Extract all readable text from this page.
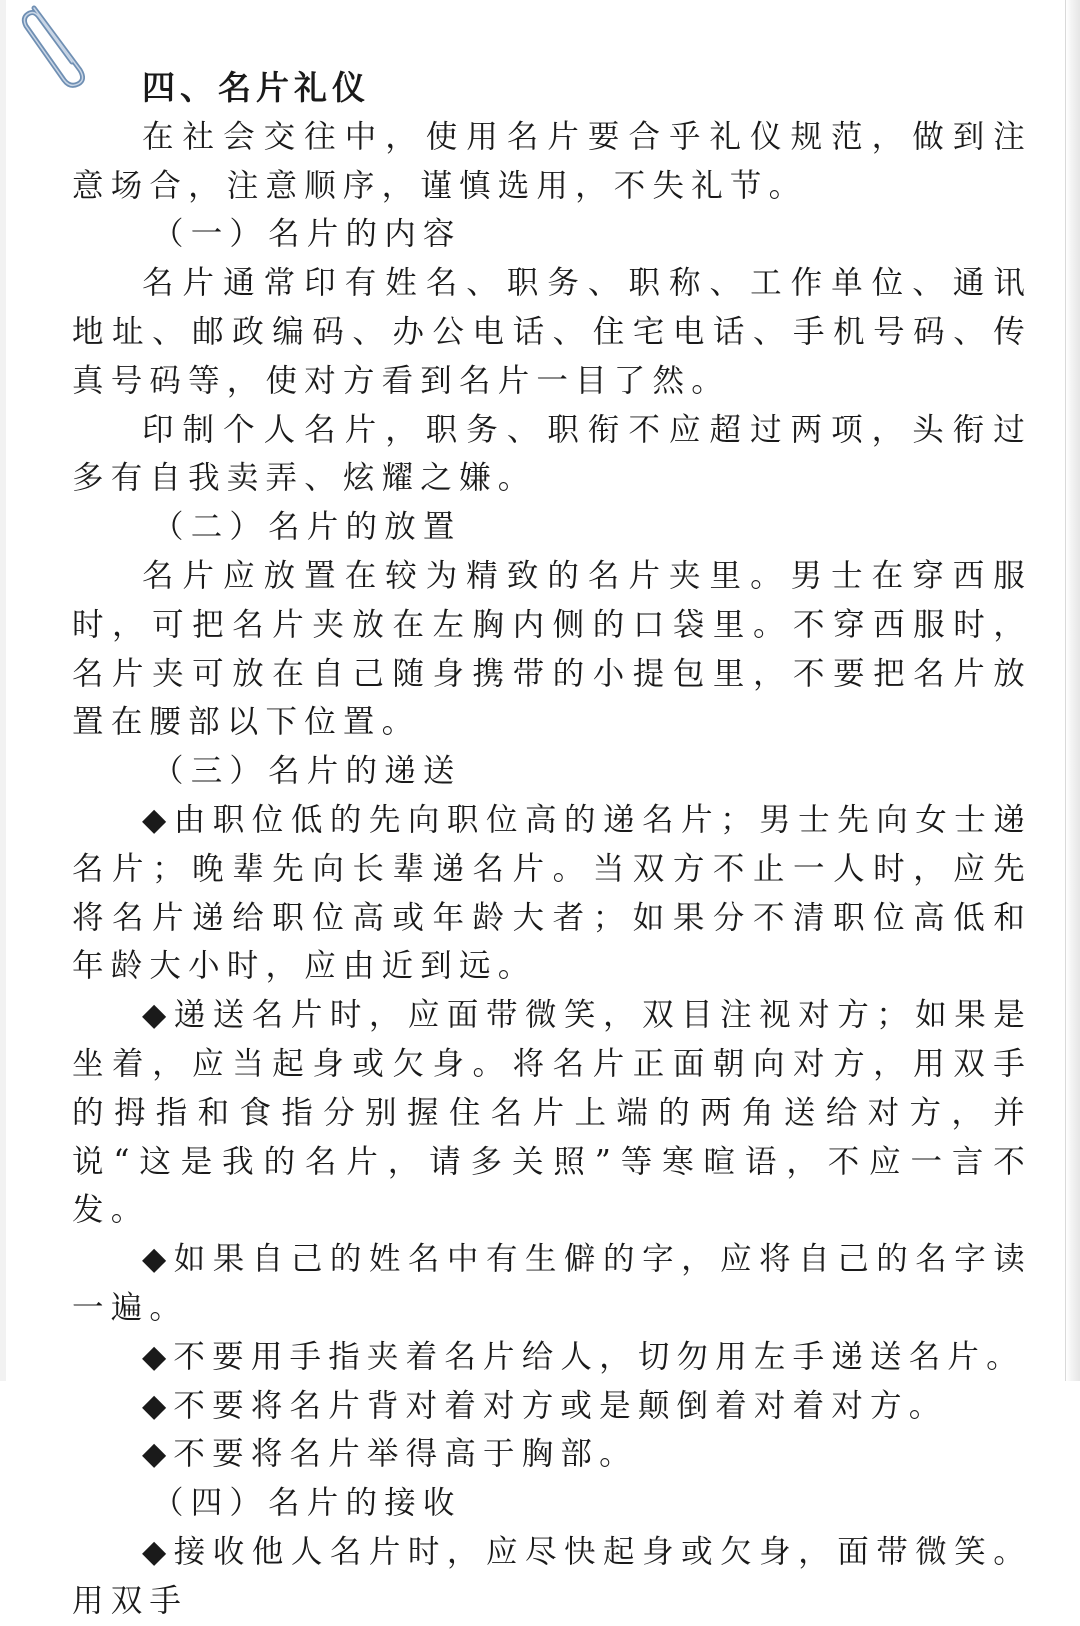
四、名片礼仪

在社会交往中，使用名片要合乎礼仪规范，做到注意场合，注意顺序，谨慎选用，不失礼节。

（一）名片的内容

名片通常印有姓名、职务、职称、工作单位、通讯地址、邮政编码、办公电话、住宅电话、手机号码、传真号码等，使对方看到名片一目了然。

印制个人名片，职务、职衔不应超过两项，头衔过多有自我卖弄、炫耀之嫌。

（二）名片的放置

名片应放置在较为精致的名片夹里。男士在穿西服时，可把名片夹放在左胸内侧的口袋里。不穿西服时，名片夹可放在自己随身携带的小提包里，不要把名片放置在腰部以下位置。

（三）名片的递送

◆由职位低的先向职位高的递名片；男士先向女士递名片；晚辈先向长辈递名片。当双方不止一人时，应先将名片递给职位高或年龄大者；如果分不清职位高低和年龄大小时，应由近到远。

◆递送名片时，应面带微笑，双目注视对方；如果是坐着，应当起身或欠身。将名片正面朝向对方，用双手的拇指和食指分别握住名片上端的两角送给对方，并说“这是我的名片，请多关照”等寒暄语，不应一言不发。

◆如果自己的姓名中有生僻的字，应将自己的名字读一遍。

◆不要用手指夹着名片给人，切勿用左手递送名片。

◆不要将名片背对着对方或是颠倒着对着对方。

◆不要将名片举得高于胸部。

（四）名片的接收

◆接收他人名片时，应尽快起身或欠身，面带微笑。用双手
